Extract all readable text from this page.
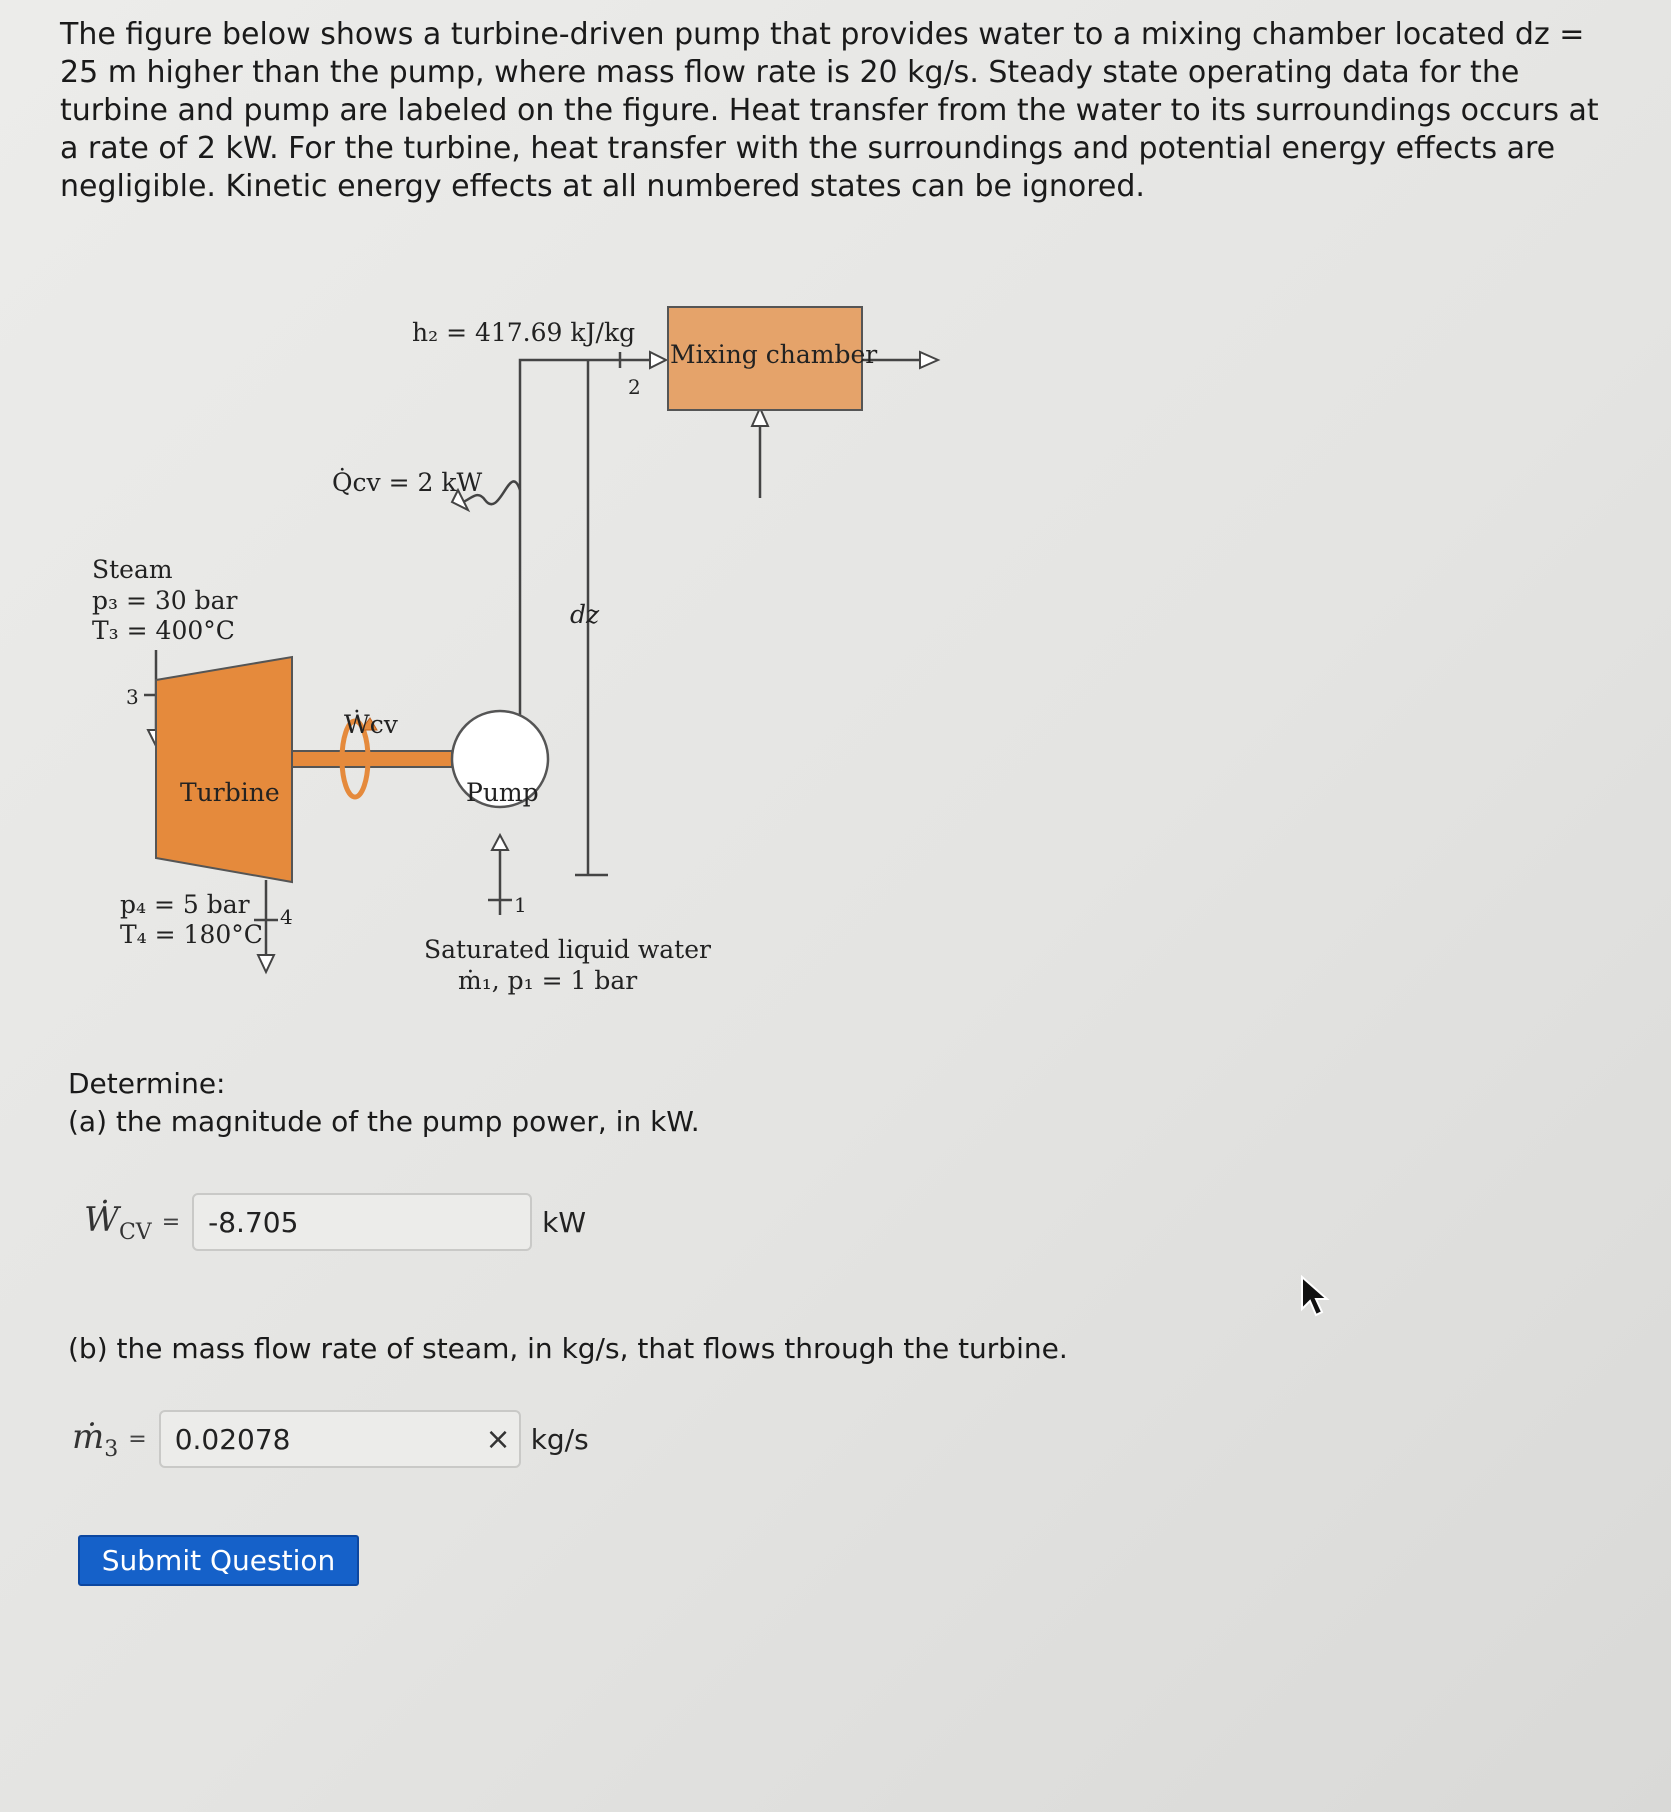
The figure below shows a turbine-driven pump that provides water to a mixing chamber located dz = 25 m higher than the pump, where mass flow rate is 20 kg/s. Steady state operating data for the turbine and pump are labeled on the figure. Heat transfer from the water to its surroundings occurs at a rate of 2 kW. For the turbine, heat transfer with the surroundings and potential energy effects are negligible. Kinetic energy effects at all numbered states can be ignored.

h₂ = 417.69 kJ/kg
2
Mixing chamber
Q̇cv = 2 kW
Steam
p₃ = 30 bar
T₃ = 400°C
3
Ẇcv
Turbine	Pump
dz
p₄ = 5 bar
T₄ = 180°C
4	1
Saturated liquid water
ṁ₁, p₁ = 1 bar
Determine:
(a) the magnitude of the pump power, in kW.
$Ẇ_{CV}$ =	-8.705	kW

(b) the mass flow rate of steam, in kg/s, that flows through the turbine.

$ṁ_3 = 0.02078$	× kg/s
Submit Question
